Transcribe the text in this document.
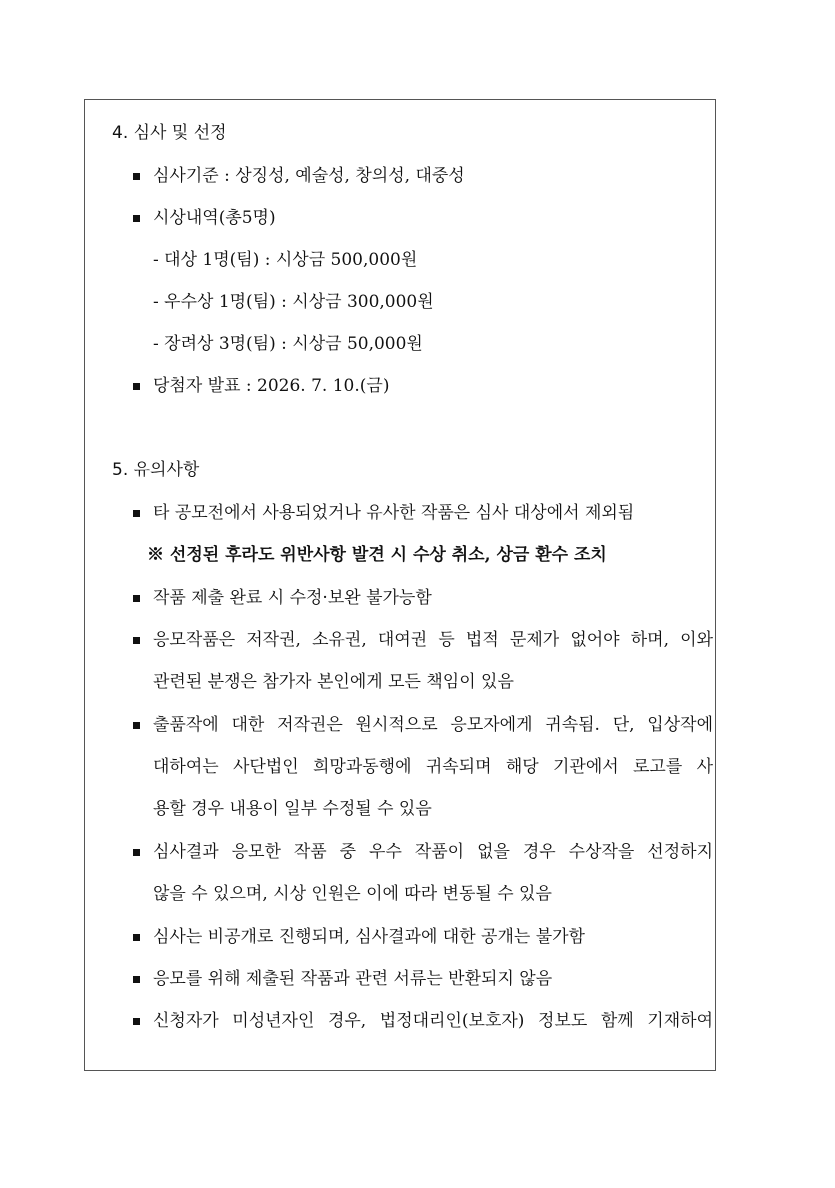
4. 심사 및 선정
심사기준 : 상징성, 예술성, 창의성, 대중성
시상내역(총5명)
- 대상 1명(팀) : 시상금 500,000원
- 우수상 1명(팀) : 시상금 300,000원
- 장려상 3명(팀) : 시상금 50,000원
당첨자 발표 : 2026. 7. 10.(금)
5. 유의사항
타 공모전에서 사용되었거나 유사한 작품은 심사 대상에서 제외됨
※ 선정된 후라도 위반사항 발견 시 수상 취소, 상금 환수 조치
작품 제출 완료 시 수정·보완 불가능함
응모작품은 저작권, 소유권, 대여권 등 법적 문제가 없어야 하며, 이와
관련된 분쟁은 참가자 본인에게 모든 책임이 있음
출품작에 대한 저작권은 원시적으로 응모자에게 귀속됨. 단, 입상작에
대하여는 사단법인 희망과동행에 귀속되며 해당 기관에서 로고를 사
용할 경우 내용이 일부 수정될 수 있음
심사결과 응모한 작품 중 우수 작품이 없을 경우 수상작을 선정하지
않을 수 있으며, 시상 인원은 이에 따라 변동될 수 있음
심사는 비공개로 진행되며, 심사결과에 대한 공개는 불가함
응모를 위해 제출된 작품과 관련 서류는 반환되지 않음
신청자가 미성년자인 경우, 법정대리인(보호자) 정보도 함께 기재하여
